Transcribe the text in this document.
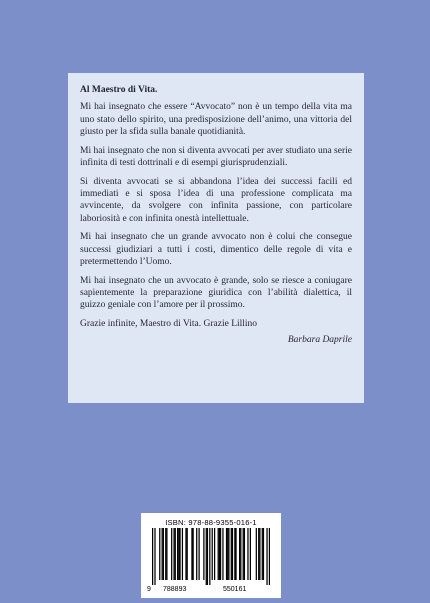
Al Maestro di Vita.

Mi hai insegnato che essere “Avvocato” non è un tempo della vita ma uno stato dello spirito, una predisposizione dell’animo, una vittoria del giusto per la sfida sulla banale quotidianità.

Mi hai insegnato che non si diventa avvocati per aver studiato una serie infinita di testi dottrinali e di esempi giurisprudenziali.

Si diventa avvocati se si abbandona l’idea dei successi facili ed immediati e si sposa l’idea di una professione complicata ma avvincente, da svolgere con infinita passione, con particolare laboriosità e con infinita onestà intellettuale.

Mi hai insegnato che un grande avvocato non è colui che consegue successi giudiziari a tutti i costi, dimentico delle regole di vita e pretermettendo l’Uomo.

Mi hai insegnato che un avvocato è grande, solo se riesce a coniugare sapientemente la preparazione giuridica con l’abilità dialettica, il guizzo geniale con l’amore per il prossimo.

Grazie infinite, Maestro di Vita. Grazie Lillino

Barbara Daprile

ISBN: 978-88-9355-016-1
9 788893	550161
